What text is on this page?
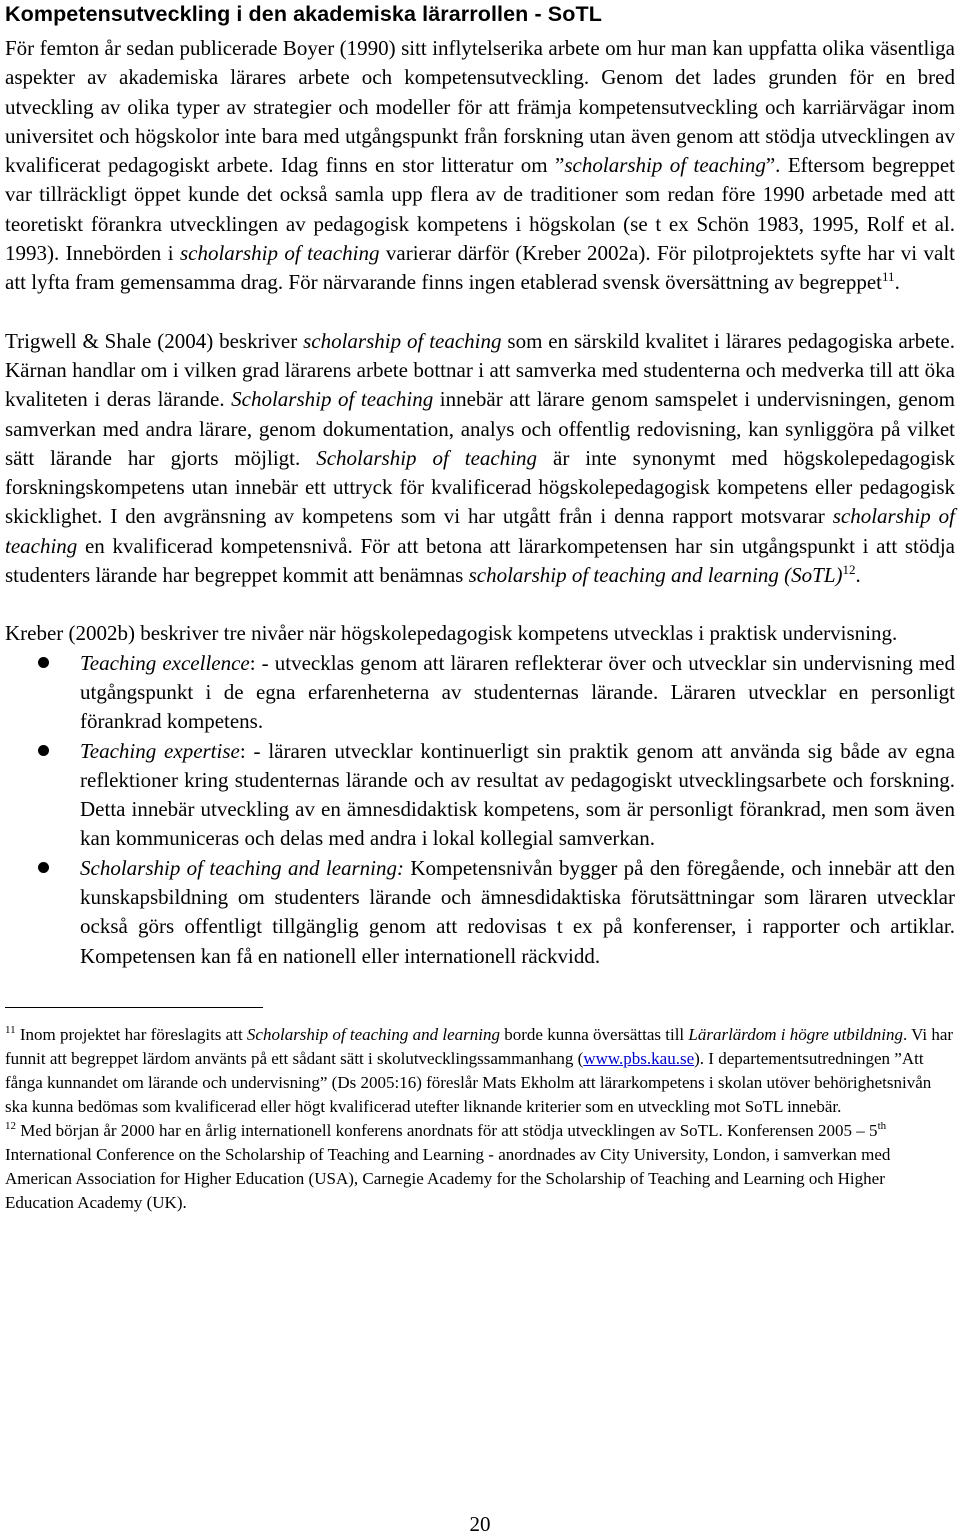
Kompetensutveckling i den akademiska lärarrollen - SoTL

För femton år sedan publicerade Boyer (1990) sitt inflytelserika arbete om hur man kan uppfatta olika väsentliga aspekter av akademiska lärares arbete och kompetensutveckling. Genom det lades grunden för en bred utveckling av olika typer av strategier och modeller för att främja kompetensutveckling och karriärvägar inom universitet och högskolor inte bara med utgångspunkt från forskning utan även genom att stödja utvecklingen av kvalificerat pedagogiskt arbete. Idag finns en stor litteratur om ”scholarship of teaching”. Eftersom begreppet var tillräckligt öppet kunde det också samla upp flera av de traditioner som redan före 1990 arbetade med att teoretiskt förankra utvecklingen av pedagogisk kompetens i högskolan (se t ex Schön 1983, 1995, Rolf et al. 1993). Innebörden i scholarship of teaching varierar därför (Kreber 2002a). För pilotprojektets syfte har vi valt att lyfta fram gemensamma drag. För närvarande finns ingen etablerad svensk översättning av begreppet$^{11}$.

Trigwell & Shale (2004) beskriver scholarship of teaching som en särskild kvalitet i lärares pedagogiska arbete. Kärnan handlar om i vilken grad lärarens arbete bottnar i att samverka med studenterna och medverka till att öka kvaliteten i deras lärande. Scholarship of teaching innebär att lärare genom samspelet i undervisningen, genom samverkan med andra lärare, genom dokumentation, analys och offentlig redovisning, kan synliggöra på vilket sätt lärande har gjorts möjligt. Scholarship of teaching är inte synonymt med högskolepedagogisk forskningskompetens utan innebär ett uttryck för kvalificerad högskolepedagogisk kompetens eller pedagogisk skicklighet. I den avgränsning av kompetens som vi har utgått från i denna rapport motsvarar scholarship of teaching en kvalificerad kompetensnivå. För att betona att lärarkompetensen har sin utgångspunkt i att stödja studenters lärande har begreppet kommit att benämnas scholarship of teaching and learning (SoTL)$^{12}$.

Kreber (2002b) beskriver tre nivåer när högskolepedagogisk kompetens utvecklas i praktisk undervisning.

Teaching excellence: - utvecklas genom att läraren reflekterar över och utvecklar sin undervisning med utgångspunkt i de egna erfarenheterna av studenternas lärande. Läraren utvecklar en personligt förankrad kompetens.
Teaching expertise: - läraren utvecklar kontinuerligt sin praktik genom att använda sig både av egna reflektioner kring studenternas lärande och av resultat av pedagogiskt utvecklingsarbete och forskning. Detta innebär utveckling av en ämnesdidaktisk kompetens, som är personligt förankrad, men som även kan kommuniceras och delas med andra i lokal kollegial samverkan.
Scholarship of teaching and learning: Kompetensnivån bygger på den föregående, och innebär att den kunskapsbildning om studenters lärande och ämnesdidaktiska förutsättningar som läraren utvecklar också görs offentligt tillgänglig genom att redovisas t ex på konferenser, i rapporter och artiklar. Kompetensen kan få en nationell eller internationell räckvidd.

$^{11}$ Inom projektet har föreslagits att Scholarship of teaching and learning borde kunna översättas till Lärarlärdom i högre utbildning. Vi har funnit att begreppet lärdom använts på ett sådant sätt i skolutvecklingssammanhang (www.pbs.kau.se). I departementsutredningen ”Att fånga kunnandet om lärande och undervisning” (Ds 2005:16) föreslår Mats Ekholm att lärarkompetens i skolan utöver behörighetsnivån ska kunna bedömas som kvalificerad eller högt kvalificerad utefter liknande kriterier som en utveckling mot SoTL innebär.

$^{12}$ Med början år 2000 har en årlig internationell konferens anordnats för att stödja utvecklingen av SoTL. Konferensen 2005 – 5th International Conference on the Scholarship of Teaching and Learning - anordnades av City University, London, i samverkan med American Association for Higher Education (USA), Carnegie Academy for the Scholarship of Teaching and Learning och Higher Education Academy (UK).

20
